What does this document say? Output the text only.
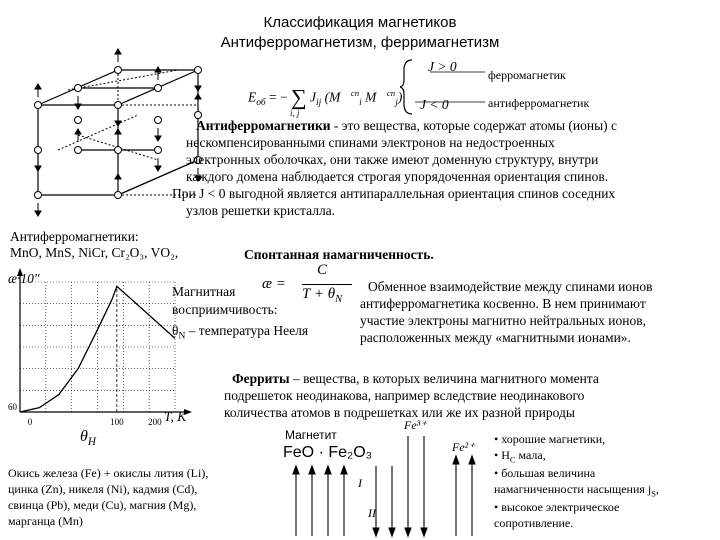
Классификация магнетиков
Антиферромагнетизм, ферримагнетизм
$E_{об}$ = − ∑ $J_{ij}$ (M⃗$^{сп}_i$ M⃗$^{сп}_j$)
i, j
J > 0
J < 0
ферромагнетик
антиферромагнетик
Антиферромагнетики - это вещества, которые содержат атомы (ионы) с
нескомпенсированными спинами электронов на недостроенных
электронных оболочках, они также имеют доменную структуру, внутри
каждого домена наблюдается строгая упорядоченная ориентация спинов.
При J < 0 выгодной является антипараллельная ориентация спинов соседних
узлов решетки кристалла.
Антиферромагнетики:
MnO, MnS, NiCr, Cr₂O₃, VO₂,	Спонтанная намагниченность.
0	100	200
60
æ·10″
T, К
$\theta_Н$
Магнитная
восприимчивость:
æ =
C
$T + \theta_N$
$\theta_N$ – температура Нееля
Обменное взаимодействие между спинами ионов
антиферромагнетика косвенно. В нем принимают
участие электроны магнитно нейтральных ионов,
расположенных между «магнитными ионами».
Ферриты – вещества, в которых величина магнитного момента
подрешеток неодинакова, например вследствие неодинакового
количества атомов в подрешетках или же их разной природы
Магнетит
FeO · Fe₂O₃
Fe³⁺
Fe²⁺
I
II
Окись железа (Fe) + окислы лития (Li),
цинка (Zn), никеля (Ni), кадмия (Cd),
свинца (Pb), меди (Cu), магния (Mg),
марганца (Mn)
• хорошие магнетики,
• $H_C$ мала,
• большая величина
намагниченности насыщения $j_S$,
• высокое электрическое
сопротивление.
